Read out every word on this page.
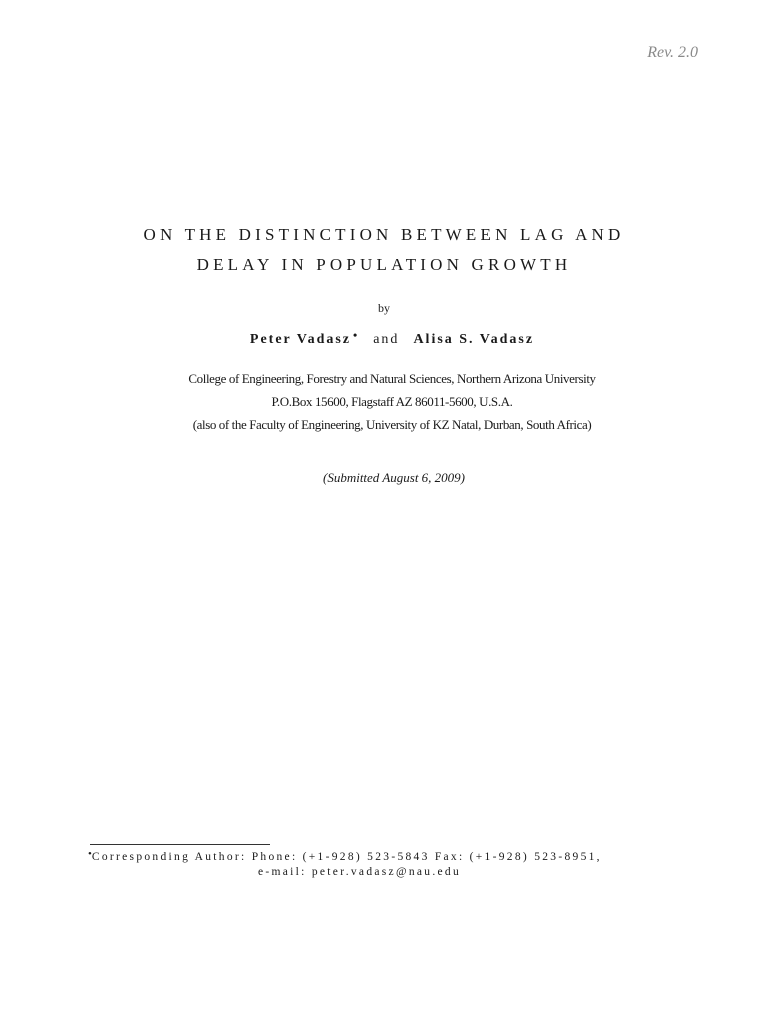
Rev. 2.0
ON THE DISTINCTION BETWEEN LAG AND
DELAY IN POPULATION GROWTH
by
Peter Vadasz • and Alisa S. Vadasz
College of Engineering, Forestry and Natural Sciences, Northern Arizona University
P.O.Box 15600, Flagstaff AZ 86011-5600, U.S.A.
(also of the Faculty of Engineering, University of KZ Natal, Durban, South Africa)
(Submitted August 6, 2009)
•Corresponding Author: Phone: (+1-928) 523-5843 Fax: (+1-928) 523-8951,
e-mail: peter.vadasz@nau.edu
